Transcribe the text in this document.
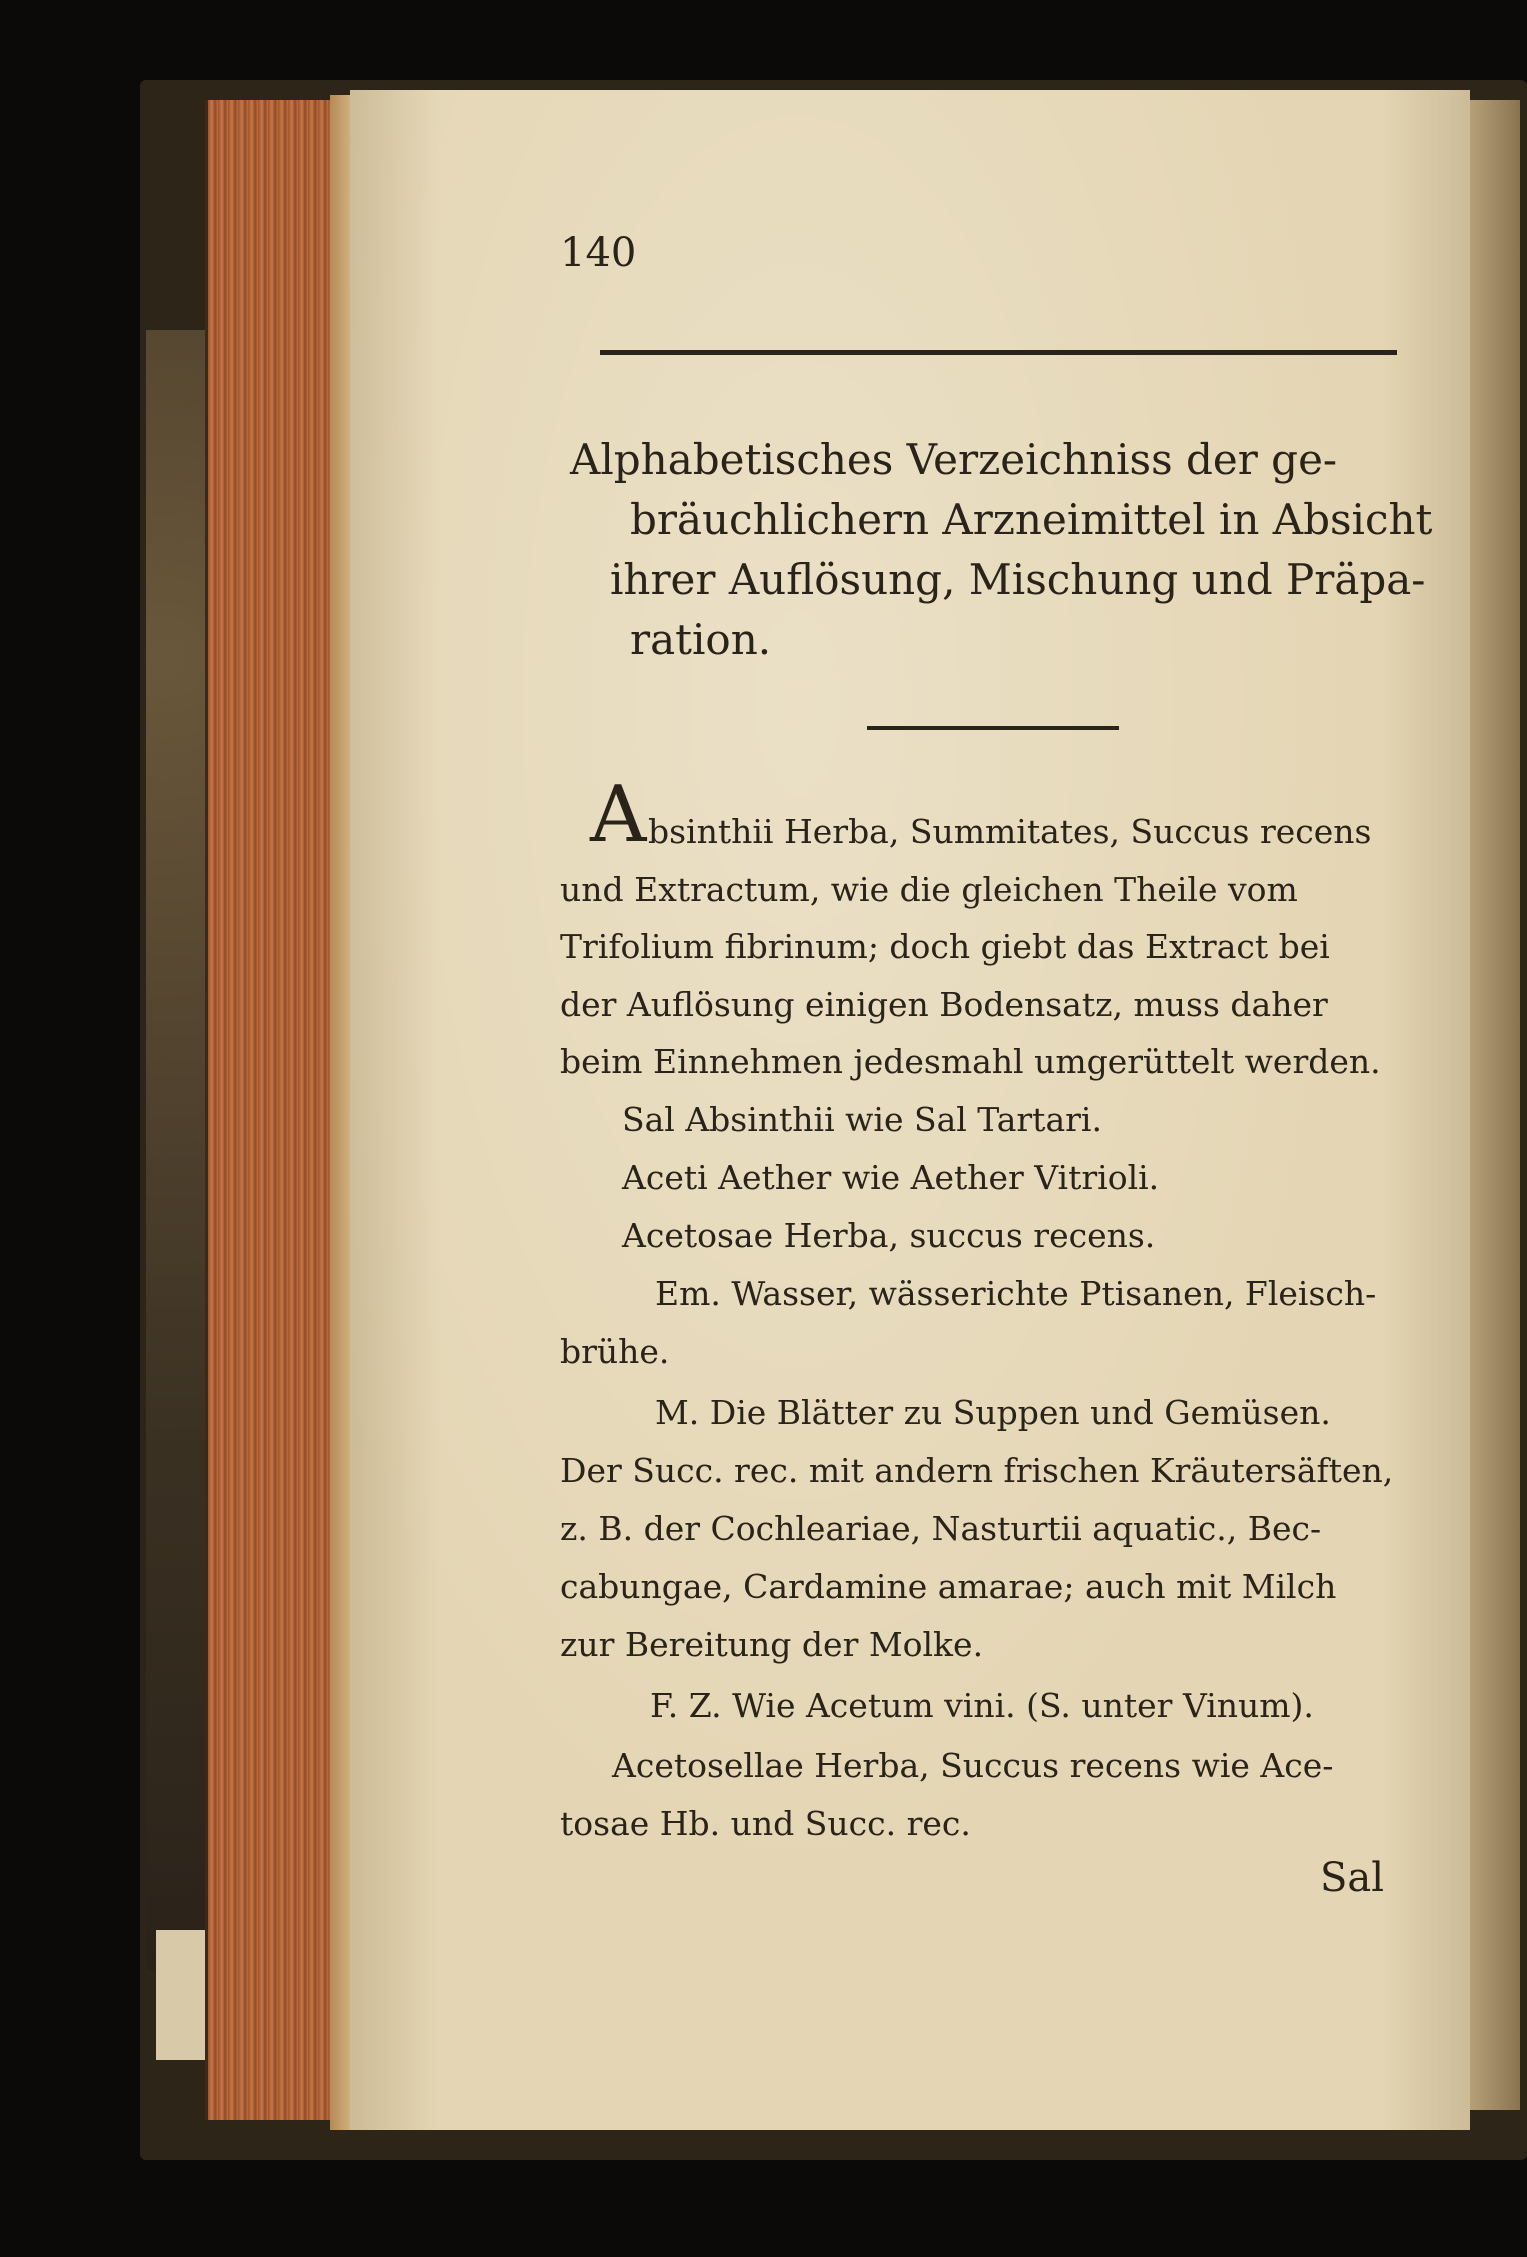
140
Alphabetisches Verzeichniss der ge-
bräuchlichern Arzneimittel in Absicht
ihrer Auflösung, Mischung und Präpa-
ration.
A bsinthii Herba, Summitates, Succus recens
und Extractum, wie die gleichen Theile vom
Trifolium fibrinum; doch giebt das Extract bei
der Auflösung einigen Bodensatz, muss daher
beim Einnehmen jedesmahl umgerüttelt werden.
Sal Absinthii wie Sal Tartari.
Aceti Aether wie Aether Vitrioli.
Acetosae Herba, succus recens.
Em. Wasser, wässerichte Ptisanen, Fleisch-
brühe.
M. Die Blätter zu Suppen und Gemüsen.
Der Succ. rec. mit andern frischen Kräutersäften,
z. B. der Cochleariae, Nasturtii aquatic., Bec-
cabungae, Cardamine amarae; auch mit Milch
zur Bereitung der Molke.
F. Z. Wie Acetum vini. (S. unter Vinum).
Acetosellae Herba, Succus recens wie Ace-
tosae Hb. und Succ. rec.
Sal
